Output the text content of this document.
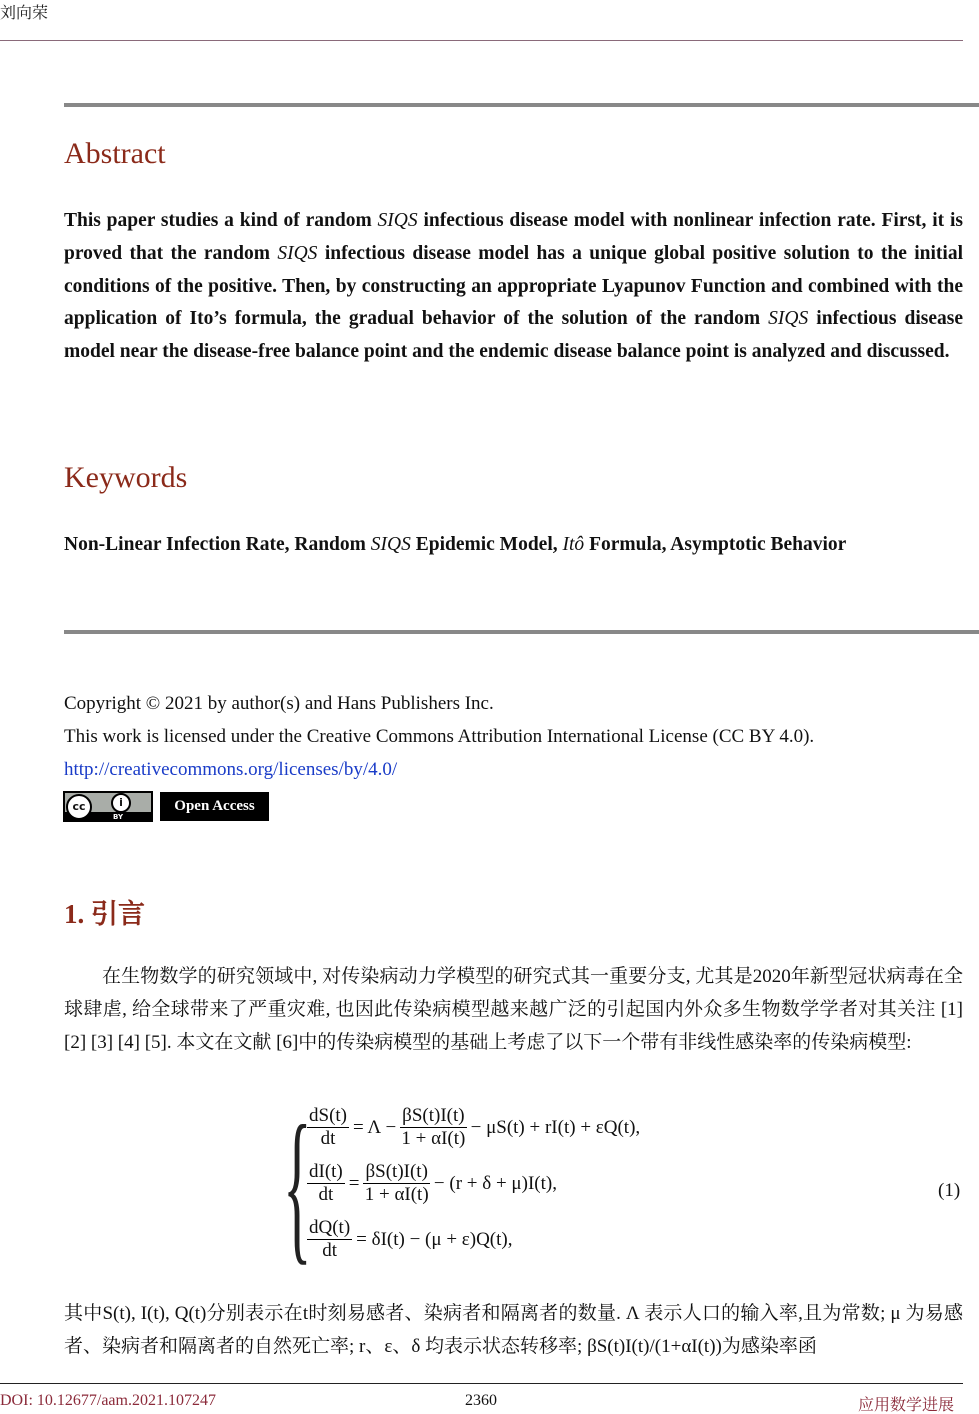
刘向荣
Abstract
This paper studies a kind of random SIQS infectious disease model with nonlinear infection rate. First, it is proved that the random SIQS infectious disease model has a unique global positive solution to the initial conditions of the positive. Then, by constructing an appropriate Lyapunov Function and combined with the application of Ito’s formula, the gradual behavior of the solution of the random SIQS infectious disease model near the disease-free balance point and the endemic disease balance point is analyzed and discussed.
Keywords
Non-Linear Infection Rate, Random SIQS Epidemic Model, Itô Formula, Asymptotic Behavior
Copyright © 2021 by author(s) and Hans Publishers Inc.
This work is licensed under the Creative Commons Attribution International License (CC BY 4.0).
http://creativecommons.org/licenses/by/4.0/
cc	i
BY
Open Access
1. 引言
在生物数学的研究领域中, 对传染病动力学模型的研究式其一重要分支, 尤其是2020年新型冠状病毒在全球肆虐, 给全球带来了严重灾难, 也因此传染病模型越来越广泛的引起国内外众多生物数学学者对其关注 [1] [2] [3] [4] [5]. 本文在文献 [6]中的传染病模型的基础上考虑了以下一个带有非线性感染率的传染病模型:
{
$\frac{dS(t)}{dt} = \Lambda - \frac{\beta S(t)I(t)}{1 + \alpha I(t)} - \mu S(t) + rI(t) + \varepsilon Q(t)$,
$\frac{dI(t)}{dt} = \frac{\beta S(t)I(t)}{1 + \alpha I(t)} - (r + \delta + \mu)I(t)$,
$\frac{dQ(t)}{dt} = \delta I(t) - (\mu + \varepsilon)Q(t)$,
(1)
其中S(t), I(t), Q(t)分别表示在t时刻易感者、染病者和隔离者的数量. Λ 表示人口的输入率,且为常数; μ 为易感者、染病者和隔离者的自然死亡率; r、ε、δ 均表示状态转移率; βS(t)I(t)/(1+αI(t))为感染率函
DOI: 10.12677/aam.2021.107247	2360	应用数学进展
